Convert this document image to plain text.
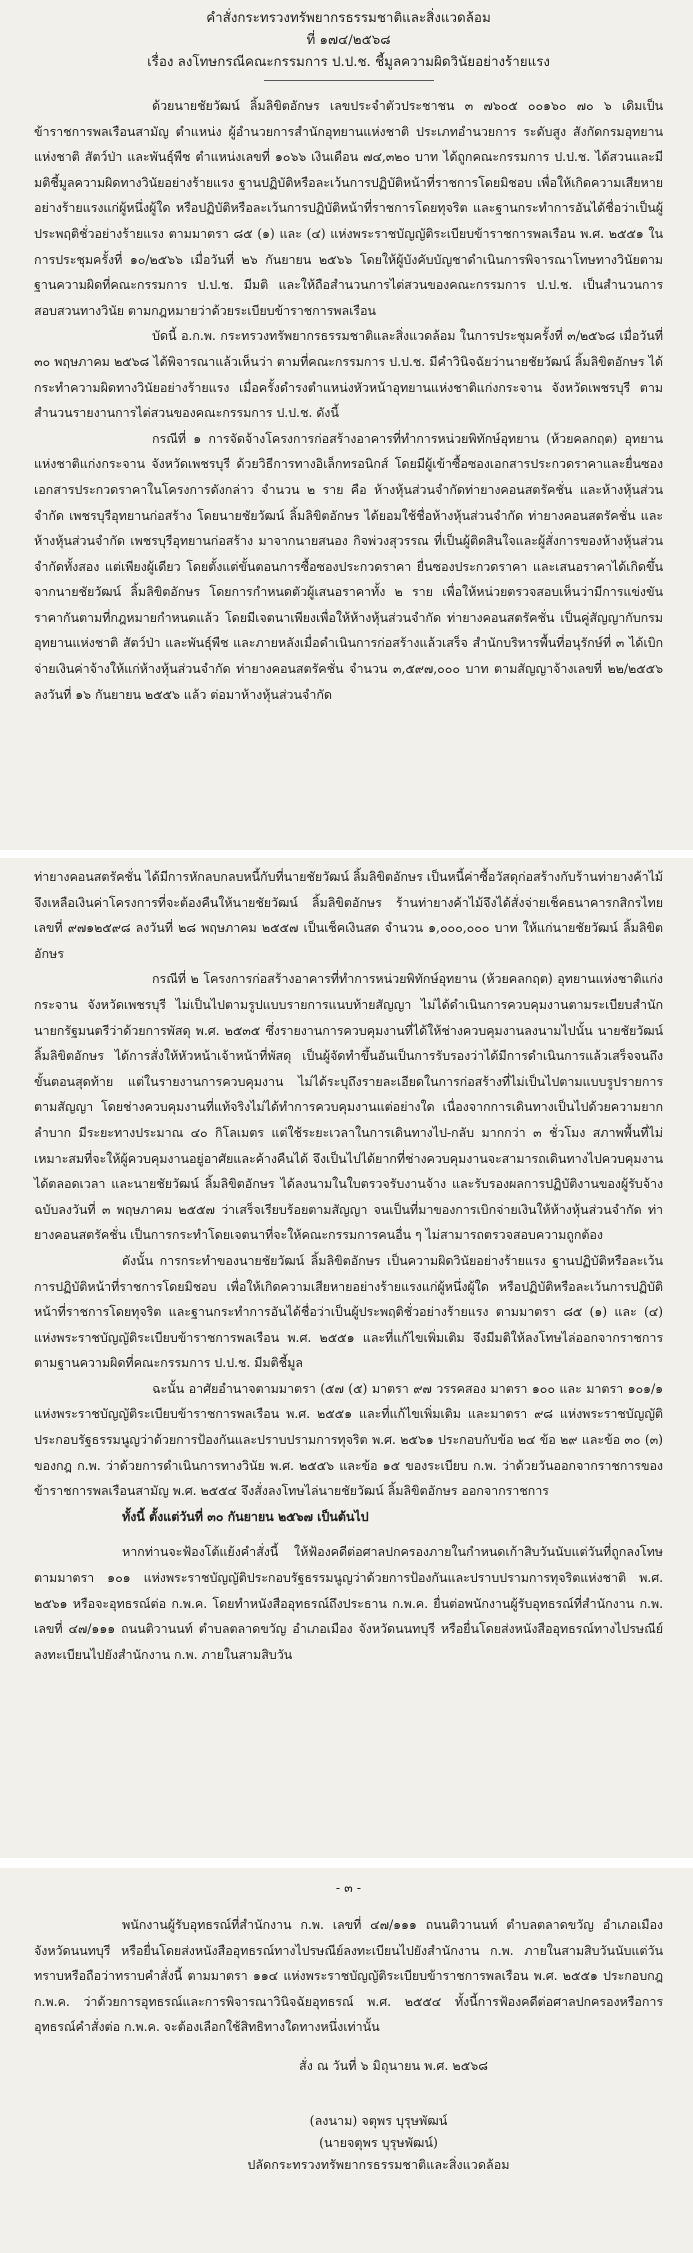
คำสั่งกระทรวงทรัพยากรธรรมชาติและสิ่งแวดล้อม
ที่ ๑๗๔/๒๕๖๘
เรื่อง ลงโทษกรณีคณะกรรมการ ป.ป.ช. ชี้มูลความผิดวินัยอย่างร้ายแรง

ด้วยนายชัยวัฒน์ ลิ้มลิขิตอักษร เลขประจำตัวประชาชน ๓ ๗๖๐๕ ๐๐๑๖๐ ๗๐ ๖ เดิมเป็นข้าราชการพลเรือนสามัญ ตำแหน่ง ผู้อำนวยการสำนักอุทยานแห่งชาติ ประเภทอำนวยการ ระดับสูง สังกัดกรมอุทยานแห่งชาติ สัตว์ป่า และพันธุ์พืช ตำแหน่งเลขที่ ๑๐๖๖ เงินเดือน ๗๔,๓๒๐ บาท ได้ถูกคณะกรรมการ ป.ป.ช. ได้สวนและมีมติชี้มูลความผิดทางวินัยอย่างร้ายแรง ฐานปฏิบัติหรือละเว้นการปฏิบัติหน้าที่ราชการโดยมิชอบ เพื่อให้เกิดความเสียหายอย่างร้ายแรงแก่ผู้หนึ่งผู้ใด หรือปฏิบัติหรือละเว้นการปฏิบัติหน้าที่ราชการโดยทุจริต และฐานกระทำการอันได้ชื่อว่าเป็นผู้ประพฤติชั่วอย่างร้ายแรง ตามมาตรา ๘๕ (๑) และ (๔) แห่งพระราชบัญญัติระเบียบข้าราชการพลเรือน พ.ศ. ๒๕๕๑ ในการประชุมครั้งที่ ๑๐/๒๕๖๖ เมื่อวันที่ ๒๖ กันยายน ๒๕๖๖ โดยให้ผู้บังคับบัญชาดำเนินการพิจารณาโทษทางวินัยตามฐานความผิดที่คณะกรรมการ ป.ป.ช. มีมติ และให้ถือสำนวนการไต่สวนของคณะกรรมการ ป.ป.ช. เป็นสำนวนการสอบสวนทางวินัย ตามกฎหมายว่าด้วยระเบียบข้าราชการพลเรือน

บัดนี้ อ.ก.พ. กระทรวงทรัพยากรธรรมชาติและสิ่งแวดล้อม ในการประชุมครั้งที่ ๓/๒๕๖๘ เมื่อวันที่ ๓๐ พฤษภาคม ๒๕๖๘ ได้พิจารณาแล้วเห็นว่า ตามที่คณะกรรมการ ป.ป.ช. มีคำวินิจฉัยว่านายชัยวัฒน์ ลิ้มลิขิตอักษร ได้กระทำความผิดทางวินัยอย่างร้ายแรง เมื่อครั้งดำรงตำแหน่งหัวหน้าอุทยานแห่งชาติแก่งกระจาน จังหวัดเพชรบุรี ตามสำนวนรายงานการไต่สวนของคณะกรรมการ ป.ป.ช. ดังนี้

กรณีที่ ๑ การจัดจ้างโครงการก่อสร้างอาคารที่ทำการหน่วยพิทักษ์อุทยาน (ห้วยคลกฤต) อุทยานแห่งชาติแก่งกระจาน จังหวัดเพชรบุรี ด้วยวิธีการทางอิเล็กทรอนิกส์ โดยมีผู้เข้าซื้อซองเอกสารประกวดราคาและยื่นซองเอกสารประกวดราคาในโครงการดังกล่าว จำนวน ๒ ราย คือ ห้างหุ้นส่วนจำกัดท่ายางคอนสตรัคชั่น และห้างหุ้นส่วนจำกัด เพชรบุรีอุทยานก่อสร้าง โดยนายชัยวัฒน์ ลิ้มลิขิตอักษร ได้ยอมใช้ชื่อห้างหุ้นส่วนจำกัด ท่ายางคอนสตรัคชั่น และห้างหุ้นส่วนจำกัด เพชรบุรีอุทยานก่อสร้าง มาจากนายสนอง กิจพ่วงสุวรรณ ที่เป็นผู้ติดสินใจและผู้สั่งการของห้างหุ้นส่วนจำกัดทั้งสอง แต่เพียงผู้เดียว โดยตั้งแต่ขั้นตอนการซื้อซองประกวดราคา ยื่นซองประกวดราคา และเสนอราคาได้เกิดขึ้นจากนายชัยวัฒน์ ลิ้มลิขิตอักษร โดยการกำหนดตัวผู้เสนอราคาทั้ง ๒ ราย เพื่อให้หน่วยตรวจสอบเห็นว่ามีการแข่งขันราคากันตามที่กฎหมายกำหนดแล้ว โดยมีเจตนาเพียงเพื่อให้ห้างหุ้นส่วนจำกัด ท่ายางคอนสตรัคชั่น เป็นคู่สัญญากับกรมอุทยานแห่งชาติ สัตว์ป่า และพันธุ์พืช และภายหลังเมื่อดำเนินการก่อสร้างแล้วเสร็จ สำนักบริหารพื้นที่อนุรักษ์ที่ ๓ ได้เบิกจ่ายเงินค่าจ้างให้แก่ห้างหุ้นส่วนจำกัด ท่ายางคอนสตรัคชั่น จำนวน ๓,๕๙๗,๐๐๐ บาท ตามสัญญาจ้างเลขที่ ๒๒/๒๕๕๖ ลงวันที่ ๑๖ กันยายน ๒๕๕๖ แล้ว ต่อมาห้างหุ้นส่วนจำกัด

ท่ายางคอนสตรัคชั่น ได้มีการหักลบกลบหนี้กับที่นายชัยวัฒน์ ลิ้มลิขิตอักษร เป็นหนี้ค่าซื้อวัสดุก่อสร้างกับร้านท่ายางค้าไม้ จึงเหลือเงินค่าโครงการที่จะต้องคืนให้นายชัยวัฒน์ ลิ้มลิขิตอักษร ร้านท่ายางค้าไม้จึงได้สั่งจ่ายเช็คธนาคารกสิกรไทย เลขที่ ๙๗๑๒๕๙๘ ลงวันที่ ๒๘ พฤษภาคม ๒๕๕๗ เป็นเช็คเงินสด จำนวน ๑,๐๐๐,๐๐๐ บาท ให้แก่นายชัยวัฒน์ ลิ้มลิขิตอักษร

กรณีที่ ๒ โครงการก่อสร้างอาคารที่ทำการหน่วยพิทักษ์อุทยาน (ห้วยคลกฤต) อุทยานแห่งชาติแก่งกระจาน จังหวัดเพชรบุรี ไม่เป็นไปตามรูปแบบรายการแนบท้ายสัญญา ไม่ได้ดำเนินการควบคุมงานตามระเบียบสำนักนายกรัฐมนตรีว่าด้วยการพัสดุ พ.ศ. ๒๕๓๕ ซึ่งรายงานการควบคุมงานที่ได้ให้ช่างควบคุมงานลงนามไปนั้น นายชัยวัฒน์ ลิ้มลิขิตอักษร ได้การสั่งให้หัวหน้าเจ้าหน้าที่พัสดุ เป็นผู้จัดทำขึ้นอันเป็นการรับรองว่าได้มีการดำเนินการแล้วเสร็จจนถึงขั้นตอนสุดท้าย แต่ในรายงานการควบคุมงาน ไม่ได้ระบุถึงรายละเอียดในการก่อสร้างที่ไม่เป็นไปตามแบบรูปรายการตามสัญญา โดยช่างควบคุมงานที่แท้จริงไม่ได้ทำการควบคุมงานแต่อย่างใด เนื่องจากการเดินทางเป็นไปด้วยความยากลำบาก มีระยะทางประมาณ ๔๐ กิโลเมตร แต่ใช้ระยะเวลาในการเดินทางไป-กลับ มากกว่า ๓ ชั่วโมง สภาพพื้นที่ไม่เหมาะสมที่จะให้ผู้ควบคุมงานอยู่อาศัยและค้างคืนได้ จึงเป็นไปได้ยากที่ช่างควบคุมงานจะสามารถเดินทางไปควบคุมงานได้ตลอดเวลา และนายชัยวัฒน์ ลิ้มลิขิตอักษร ได้ลงนามในใบตรวจรับงานจ้าง และรับรองผลการปฏิบัติงานของผู้รับจ้าง ฉบับลงวันที่ ๓ พฤษภาคม ๒๕๕๗ ว่าเสร็จเรียบร้อยตามสัญญา จนเป็นที่มาของการเบิกจ่ายเงินให้ห้างหุ้นส่วนจำกัด ท่ายางคอนสตรัคชั่น เป็นการกระทำโดยเจตนาที่จะให้คณะกรรมการคนอื่น ๆ ไม่สามารถตรวจสอบความถูกต้อง

ดังนั้น การกระทำของนายชัยวัฒน์ ลิ้มลิขิตอักษร เป็นความผิดวินัยอย่างร้ายแรง ฐานปฏิบัติหรือละเว้นการปฏิบัติหน้าที่ราชการโดยมิชอบ เพื่อให้เกิดความเสียหายอย่างร้ายแรงแก่ผู้หนึ่งผู้ใด หรือปฏิบัติหรือละเว้นการปฏิบัติหน้าที่ราชการโดยทุจริต และฐานกระทำการอันได้ชื่อว่าเป็นผู้ประพฤติชั่วอย่างร้ายแรง ตามมาตรา ๘๕ (๑) และ (๔) แห่งพระราชบัญญัติระเบียบข้าราชการพลเรือน พ.ศ. ๒๕๕๑ และที่แก้ไขเพิ่มเติม จึงมีมติให้ลงโทษไล่ออกจากราชการ ตามฐานความผิดที่คณะกรรมการ ป.ป.ช. มีมติชี้มูล

ฉะนั้น อาศัยอำนาจตามมาตรา (๕๗ (๕) มาตรา ๙๗ วรรคสอง มาตรา ๑๐๐ และ มาตรา ๑๐๑/๑ แห่งพระราชบัญญัติระเบียบข้าราชการพลเรือน พ.ศ. ๒๕๕๑ และที่แก้ไขเพิ่มเติม และมาตรา ๙๘ แห่งพระราชบัญญัติประกอบรัฐธรรมนูญว่าด้วยการป้องกันและปราบปรามการทุจริต พ.ศ. ๒๕๖๑ ประกอบกับข้อ ๒๔ ข้อ ๒๙ และข้อ ๓๐ (๓) ของกฎ ก.พ. ว่าด้วยการดำเนินการทางวินัย พ.ศ. ๒๕๕๖ และข้อ ๑๕ ของระเบียบ ก.พ. ว่าด้วยวันออกจากราชการของข้าราชการพลเรือนสามัญ พ.ศ. ๒๕๕๔ จึงสั่งลงโทษไล่นายชัยวัฒน์ ลิ้มลิขิตอักษร ออกจากราชการ

ทั้งนี้ ตั้งแต่วันที่ ๓๐ กันยายน ๒๕๖๗ เป็นต้นไป

หากท่านจะฟ้องโต้แย้งคำสั่งนี้ ให้ฟ้องคดีต่อศาลปกครองภายในกำหนดเก้าสิบวันนับแต่วันที่ถูกลงโทษ ตามมาตรา ๑๐๑ แห่งพระราชบัญญัติประกอบรัฐธรรมนูญว่าด้วยการป้องกันและปราบปรามการทุจริตแห่งชาติ พ.ศ. ๒๕๖๑ หรือจะอุทธรณ์ต่อ ก.พ.ค. โดยทำหนังสืออุทธรณ์ถึงประธาน ก.พ.ค. ยื่นต่อพนักงานผู้รับอุทธรณ์ที่สำนักงาน ก.พ. เลขที่ ๔๗/๑๑๑ ถนนติวานนท์ ตำบลตลาดขวัญ อำเภอเมือง จังหวัดนนทบุรี หรือยื่นโดยส่งหนังสืออุทธรณ์ทางไปรษณีย์ลงทะเบียนไปยังสำนักงาน ก.พ. ภายในสามสิบวัน

- ๓ -

พนักงานผู้รับอุทธรณ์ที่สำนักงาน ก.พ. เลขที่ ๔๗/๑๑๑ ถนนติวานนท์ ตำบลตลาดขวัญ อำเภอเมือง จังหวัดนนทบุรี หรือยื่นโดยส่งหนังสืออุทธรณ์ทางไปรษณีย์ลงทะเบียนไปยังสำนักงาน ก.พ. ภายในสามสิบวันนับแต่วันทราบหรือถือว่าทราบคำสั่งนี้ ตามมาตรา ๑๑๔ แห่งพระราชบัญญัติระเบียบข้าราชการพลเรือน พ.ศ. ๒๕๕๑ ประกอบกฎ ก.พ.ค. ว่าด้วยการอุทธรณ์และการพิจารณาวินิจฉัยอุทธรณ์ พ.ศ. ๒๕๕๔ ทั้งนี้การฟ้องคดีต่อศาลปกครองหรือการอุทธรณ์คำสั่งต่อ ก.พ.ค. จะต้องเลือกใช้สิทธิทางใดทางหนึ่งเท่านั้น

สั่ง ณ วันที่ ๖ มิถุนายน พ.ศ. ๒๕๖๘
(ลงนาม) จตุพร บุรุษพัฒน์
(นายจตุพร บุรุษพัฒน์)
ปลัดกระทรวงทรัพยากรธรรมชาติและสิ่งแวดล้อม
